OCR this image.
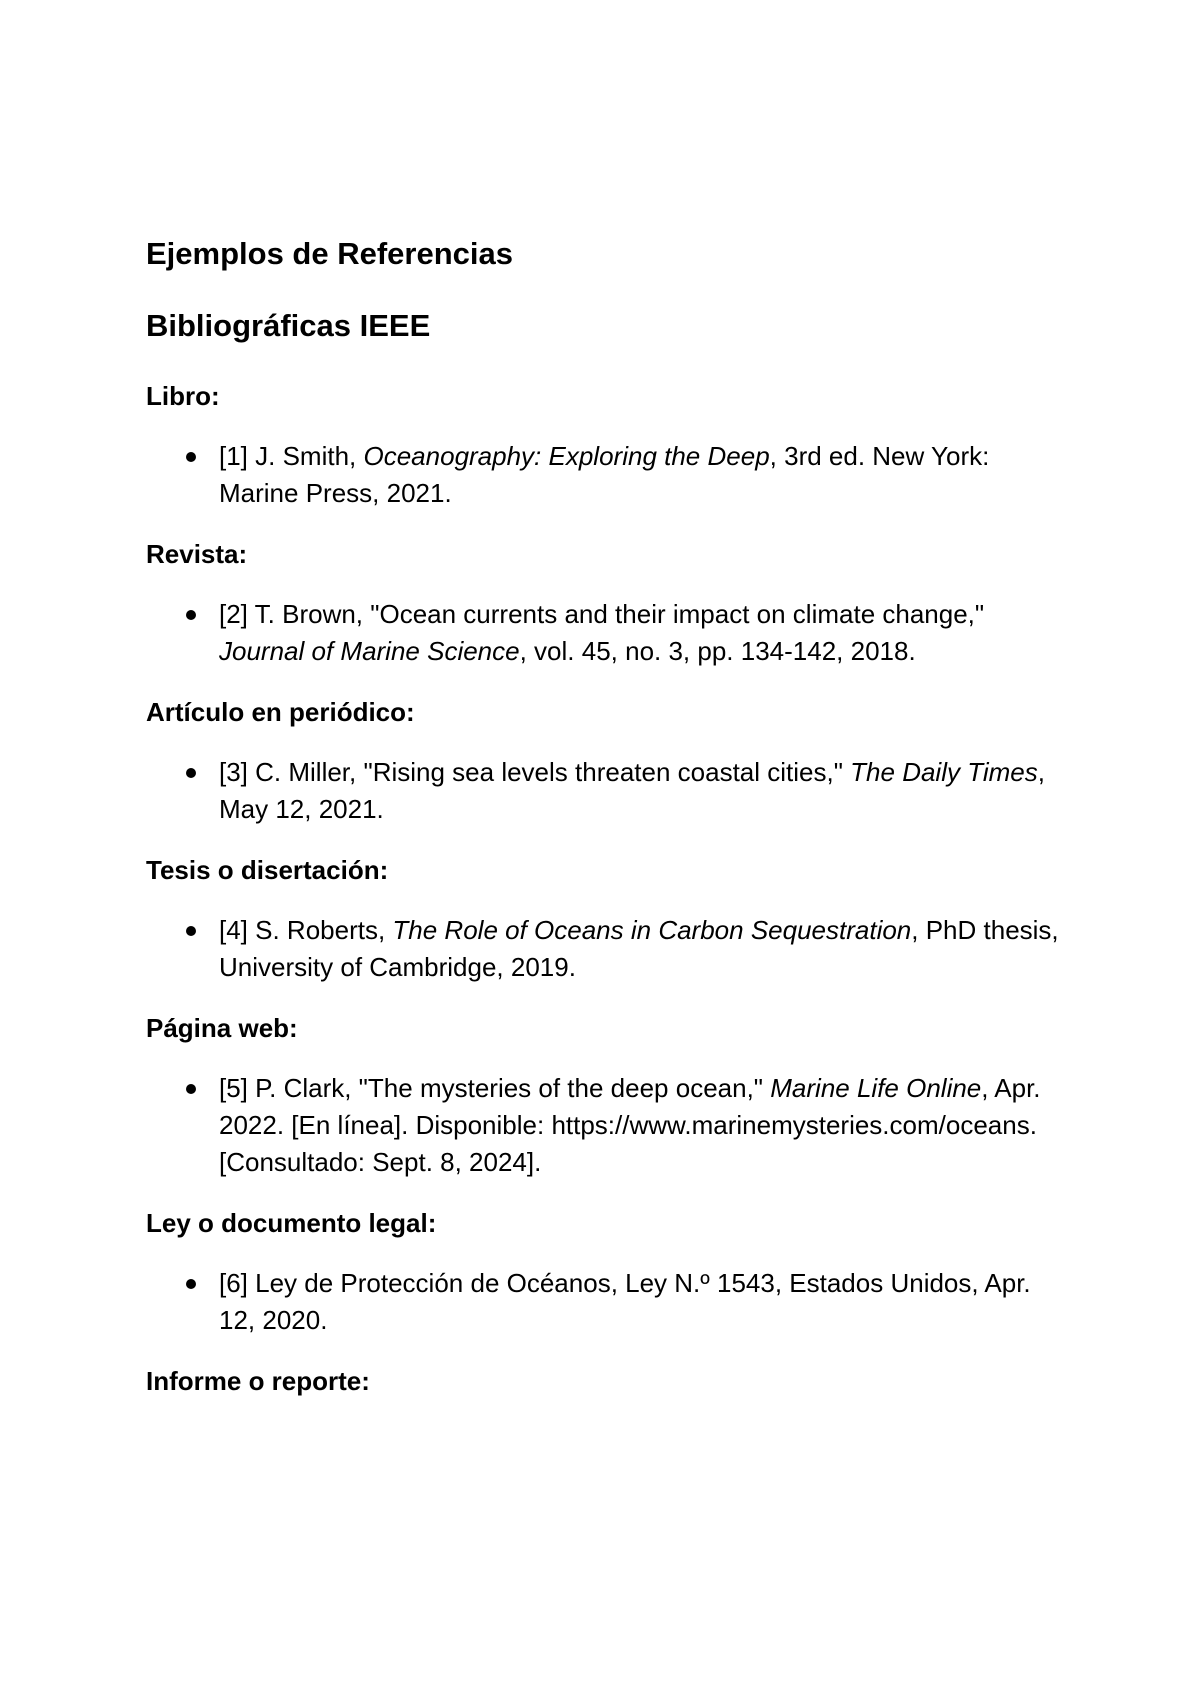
Ejemplos de Referencias
Bibliográficas IEEE
Libro:
[1] J. Smith, Oceanography: Exploring the Deep, 3rd ed. New York: Marine Press, 2021.
Revista:
[2] T. Brown, "Ocean currents and their impact on climate change," Journal of Marine Science, vol. 45, no. 3, pp. 134-142, 2018.
Artículo en periódico:
[3] C. Miller, "Rising sea levels threaten coastal cities," The Daily Times, May 12, 2021.
Tesis o disertación:
[4] S. Roberts, The Role of Oceans in Carbon Sequestration, PhD thesis, University of Cambridge, 2019.
Página web:
[5] P. Clark, "The mysteries of the deep ocean," Marine Life Online, Apr. 2022. [En línea]. Disponible: https://www.marinemysteries.com/oceans. [Consultado: Sept. 8, 2024].
Ley o documento legal:
[6] Ley de Protección de Océanos, Ley N.º 1543, Estados Unidos, Apr. 12, 2020.
Informe o reporte:
